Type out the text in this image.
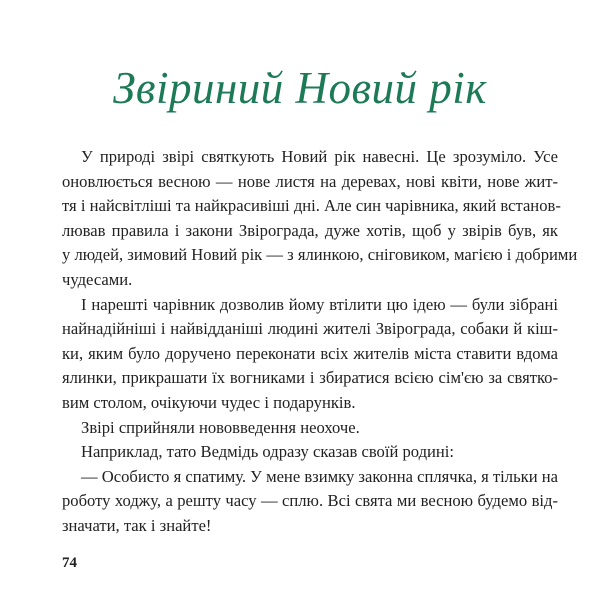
Звіриний Новий рік
У природі звірі святкують Новий рік навесні. Це зрозуміло. Усе
оновлюється весною — нове листя на деревах, нові квіти, нове жит-
тя і найсвітліші та найкрасивіші дні. Але син чарівника, який встанов-
лював правила і закони Звірограда, дуже хотів, щоб у звірів був, як
у людей, зимовий Новий рік — з ялинкою, сніговиком, магією і добрими
чудесами.
І нарешті чарівник дозволив йому втілити цю ідею — були зібрані
найнадійніші і найвідданіші людині жителі Звірограда, собаки й кіш-
ки, яким було доручено переконати всіх жителів міста ставити вдома
ялинки, прикрашати їх вогниками і збиратися всією сім'єю за святко-
вим столом, очікуючи чудес і подарунків.
Звірі сприйняли нововведення неохоче.
Наприклад, тато Ведмідь одразу сказав своїй родині:
— Особисто я спатиму. У мене взимку законна сплячка, я тільки на
роботу ходжу, а решту часу — сплю. Всі свята ми весною будемо від-
значати, так і знайте!
74
